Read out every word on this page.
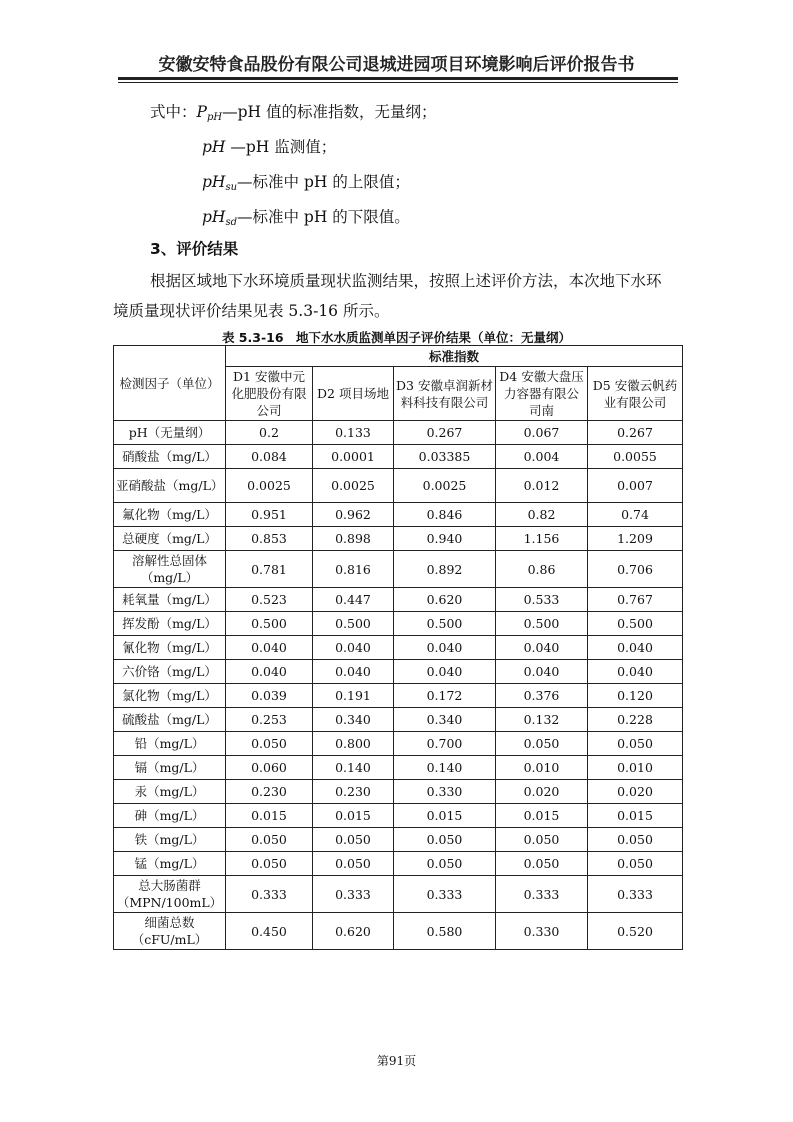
安徽安特食品股份有限公司退城进园项目环境影响后评价报告书
式中：$P_{pH}—pH$ 值的标准指数，无量纲；
pH —pH 监测值；
$pH_{su}—$标准中 pH 的上限值；
$pH_{sd}—$标准中 pH 的下限值。
3、评价结果
根据区域地下水环境质量现状监测结果，按照上述评价方法，本次地下水环
境质量现状评价结果见表 5.3-16 所示。
表 5.3-16　地下水水质监测单因子评价结果（单位：无量纲）
检测因子（单位）	标准指数				
	D1 安徽中元化肥股份有限公司	D2 项目场地	D3 安徽卓润新材料科技有限公司	D4 安徽大盘压力容器有限公司南	D5 安徽云帆药业有限公司
pH（无量纲）	0.2	0.133	0.267	0.067	0.267
硝酸盐（mg/L）	0.084	0.0001	0.03385	0.004	0.0055
亚硝酸盐（mg/L）	0.0025	0.0025	0.0025	0.012	0.007
氟化物（mg/L）	0.951	0.962	0.846	0.82	0.74
总硬度（mg/L）	0.853	0.898	0.940	1.156	1.209
溶解性总固体（mg/L）	0.781	0.816	0.892	0.86	0.706
耗氧量（mg/L）	0.523	0.447	0.620	0.533	0.767
挥发酚（mg/L）	0.500	0.500	0.500	0.500	0.500
氰化物（mg/L）	0.040	0.040	0.040	0.040	0.040
六价铬（mg/L）	0.040	0.040	0.040	0.040	0.040
氯化物（mg/L）	0.039	0.191	0.172	0.376	0.120
硫酸盐（mg/L）	0.253	0.340	0.340	0.132	0.228
铅（mg/L）	0.050	0.800	0.700	0.050	0.050
镉（mg/L）	0.060	0.140	0.140	0.010	0.010
汞（mg/L）	0.230	0.230	0.330	0.020	0.020
砷（mg/L）	0.015	0.015	0.015	0.015	0.015
铁（mg/L）	0.050	0.050	0.050	0.050	0.050
锰（mg/L）	0.050	0.050	0.050	0.050	0.050
总大肠菌群（MPN/100mL）	0.333	0.333	0.333	0.333	0.333
细菌总数（cFU/mL）	0.450	0.620	0.580	0.330	0.520
第91页
